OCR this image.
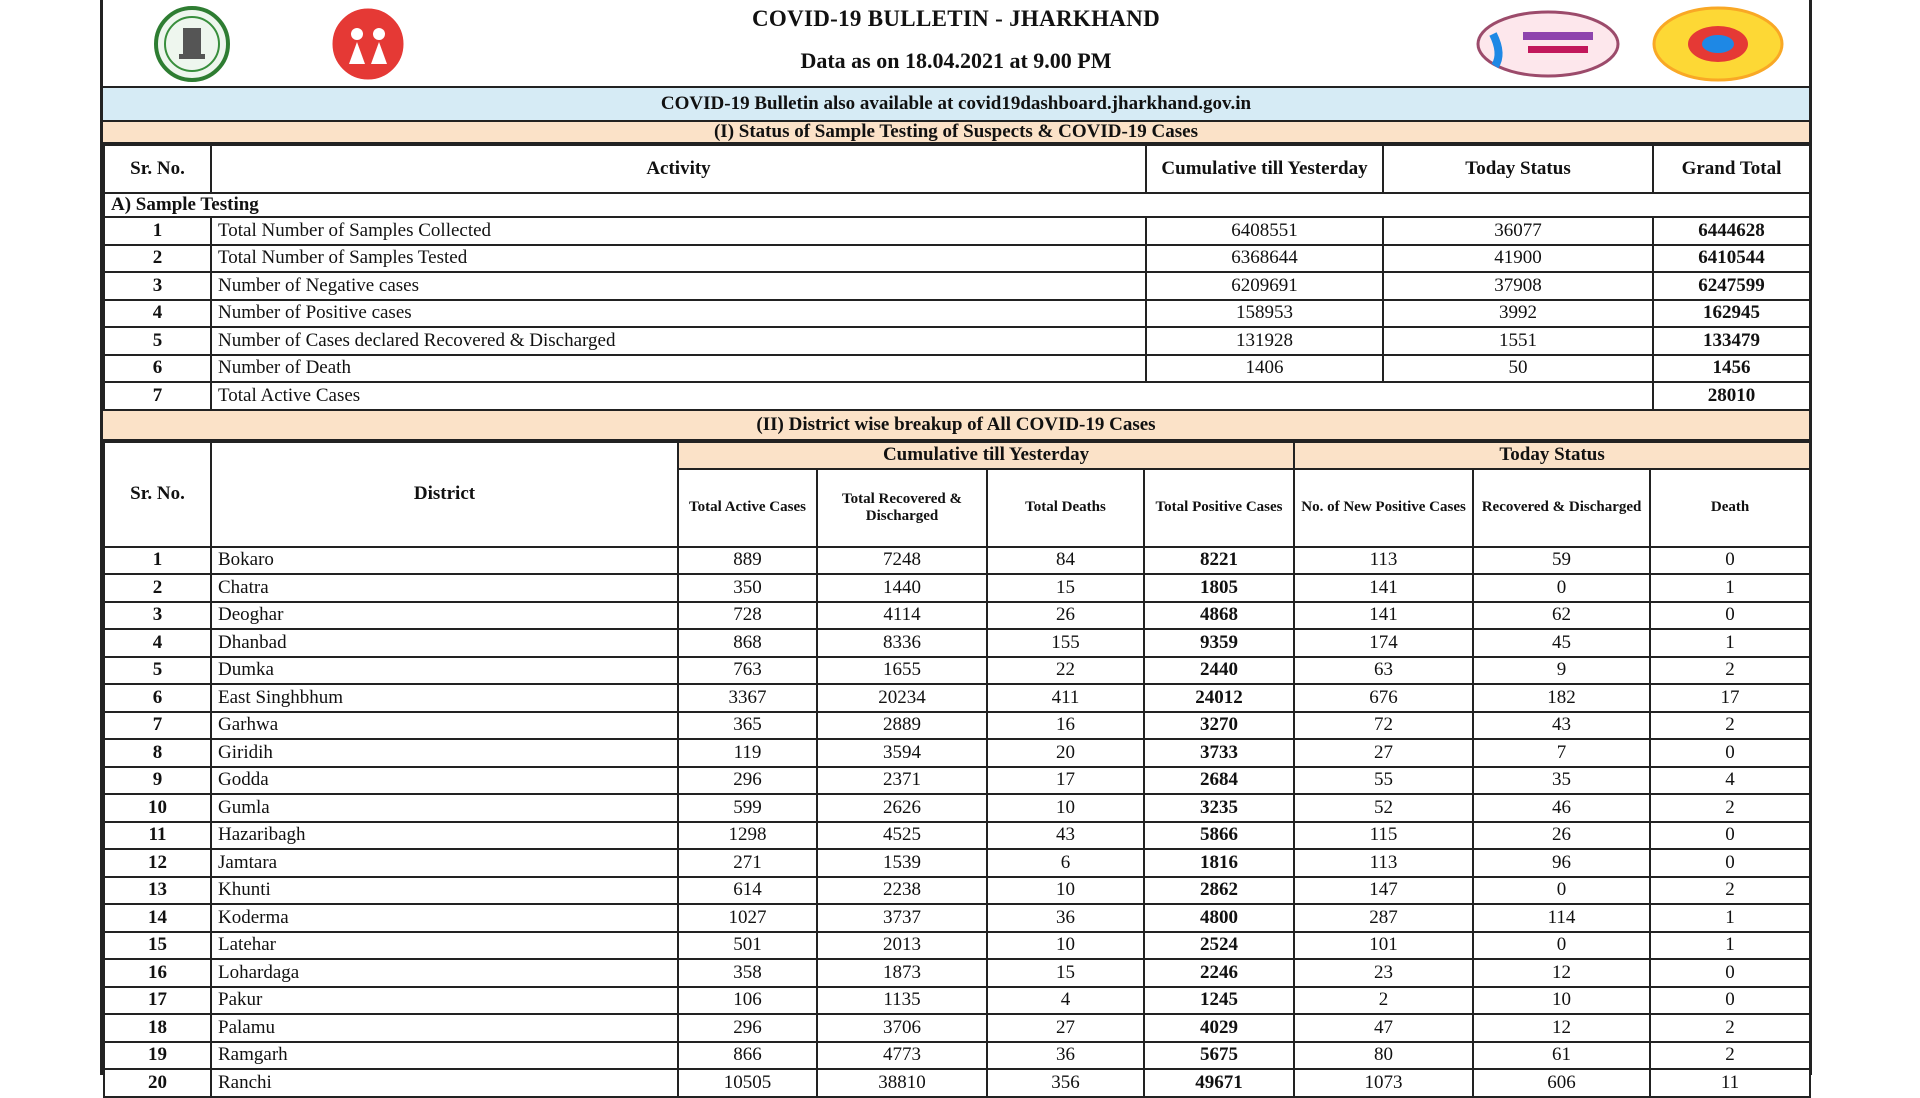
COVID-19 BULLETIN - JHARKHAND
Data as on 18.04.2021 at 9.00 PM
COVID-19 Bulletin also available at covid19dashboard.jharkhand.gov.in
(I) Status of Sample Testing of Suspects & COVID-19 Cases
Sr. No.	Activity	Cumulative till Yesterday	Today Status	Grand Total
A) Sample Testing				
1	Total Number of Samples Collected	6408551	36077	6444628
2	Total Number of Samples Tested	6368644	41900	6410544
3	Number of Negative cases	6209691	37908	6247599
4	Number of Positive cases	158953	3992	162945
5	Number of Cases declared Recovered & Discharged	131928	1551	133479
6	Number of Death	1406	50	1456
7	Total Active Cases			28010
(II) District wise breakup of All COVID-19 Cases
Sr. No.	District	Cumulative till Yesterday				Today Status		
		Total Active Cases	Total Recovered & Discharged	Total Deaths	Total Positive Cases	No. of New Positive Cases	Recovered & Discharged	Death
1	Bokaro	889	7248	84	8221	113	59	0
2	Chatra	350	1440	15	1805	141	0	1
3	Deoghar	728	4114	26	4868	141	62	0
4	Dhanbad	868	8336	155	9359	174	45	1
5	Dumka	763	1655	22	2440	63	9	2
6	East Singhbhum	3367	20234	411	24012	676	182	17
7	Garhwa	365	2889	16	3270	72	43	2
8	Giridih	119	3594	20	3733	27	7	0
9	Godda	296	2371	17	2684	55	35	4
10	Gumla	599	2626	10	3235	52	46	2
11	Hazaribagh	1298	4525	43	5866	115	26	0
12	Jamtara	271	1539	6	1816	113	96	0
13	Khunti	614	2238	10	2862	147	0	2
14	Koderma	1027	3737	36	4800	287	114	1
15	Latehar	501	2013	10	2524	101	0	1
16	Lohardaga	358	1873	15	2246	23	12	0
17	Pakur	106	1135	4	1245	2	10	0
18	Palamu	296	3706	27	4029	47	12	2
19	Ramgarh	866	4773	36	5675	80	61	2
20	Ranchi	10505	38810	356	49671	1073	606	11
